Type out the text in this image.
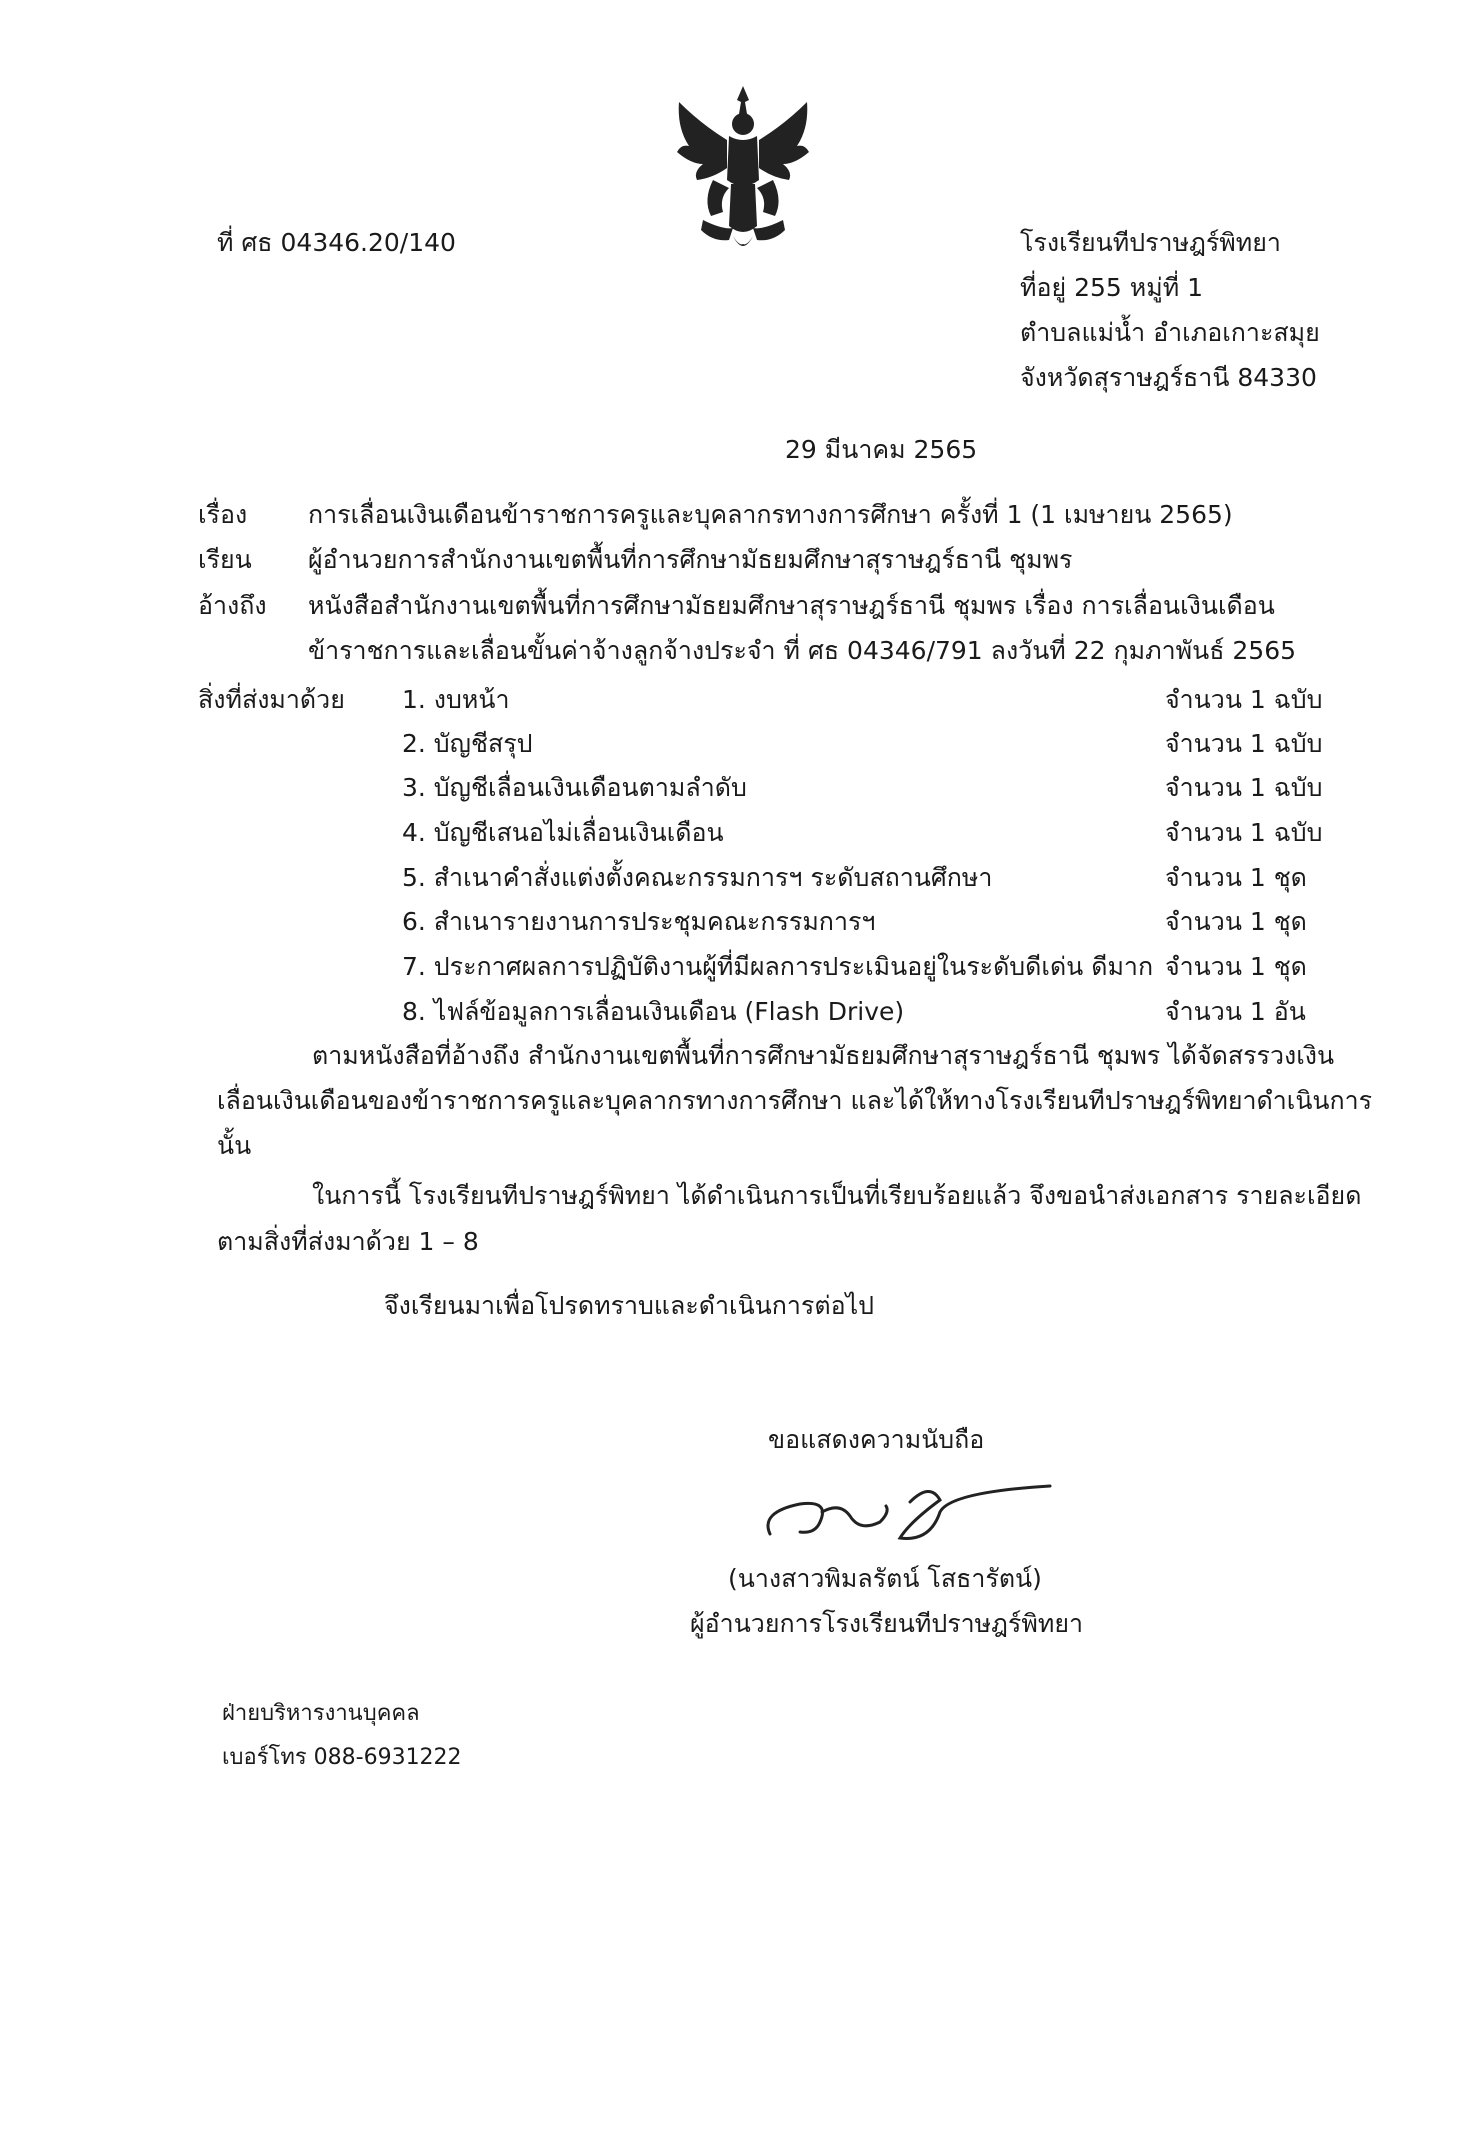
ที่ ศธ 04346.20/140	โรงเรียนทีปราษฎร์พิทยา
ที่อยู่ 255 หมู่ที่ 1
ตำบลแม่น้ำ อำเภอเกาะสมุย
จังหวัดสุราษฎร์ธานี 84330
29 มีนาคม 2565
เรื่อง การเลื่อนเงินเดือนข้าราชการครูและบุคลากรทางการศึกษา ครั้งที่ 1 (1 เมษายน 2565)
เรียน ผู้อำนวยการสำนักงานเขตพื้นที่การศึกษามัธยมศึกษาสุราษฎร์ธานี ชุมพร
อ้างถึง หนังสือสำนักงานเขตพื้นที่การศึกษามัธยมศึกษาสุราษฎร์ธานี ชุมพร เรื่อง การเลื่อนเงินเดือน
ข้าราชการและเลื่อนขั้นค่าจ้างลูกจ้างประจำ ที่ ศธ 04346/791 ลงวันที่ 22 กุมภาพันธ์ 2565
สิ่งที่ส่งมาด้วย 1. งบหน้า	จำนวน 1 ฉบับ
2. บัญชีสรุป	จำนวน 1 ฉบับ
3. บัญชีเลื่อนเงินเดือนตามลำดับ	จำนวน 1 ฉบับ
4. บัญชีเสนอไม่เลื่อนเงินเดือน	จำนวน 1 ฉบับ
5. สำเนาคำสั่งแต่งตั้งคณะกรรมการฯ ระดับสถานศึกษา	จำนวน 1 ชุด
6. สำเนารายงานการประชุมคณะกรรมการฯ	จำนวน 1 ชุด
7. ประกาศผลการปฏิบัติงานผู้ที่มีผลการประเมินอยู่ในระดับดีเด่น ดีมาก จำนวน 1 ชุด
8. ไฟล์ข้อมูลการเลื่อนเงินเดือน (Flash Drive)	จำนวน 1 อัน
ตามหนังสือที่อ้างถึง สำนักงานเขตพื้นที่การศึกษามัธยมศึกษาสุราษฎร์ธานี ชุมพร ได้จัดสรรวงเงิน
เลื่อนเงินเดือนของข้าราชการครูและบุคลากรทางการศึกษา และได้ให้ทางโรงเรียนทีปราษฎร์พิทยาดำเนินการ
นั้น
ในการนี้ โรงเรียนทีปราษฎร์พิทยา ได้ดำเนินการเป็นที่เรียบร้อยแล้ว จึงขอนำส่งเอกสาร รายละเอียด
ตามสิ่งที่ส่งมาด้วย 1 – 8
จึงเรียนมาเพื่อโปรดทราบและดำเนินการต่อไป
ขอแสดงความนับถือ
(นางสาวพิมลรัตน์ โสธารัตน์)
ผู้อำนวยการโรงเรียนทีปราษฎร์พิทยา
ฝ่ายบริหารงานบุคคล
เบอร์โทร 088-6931222
